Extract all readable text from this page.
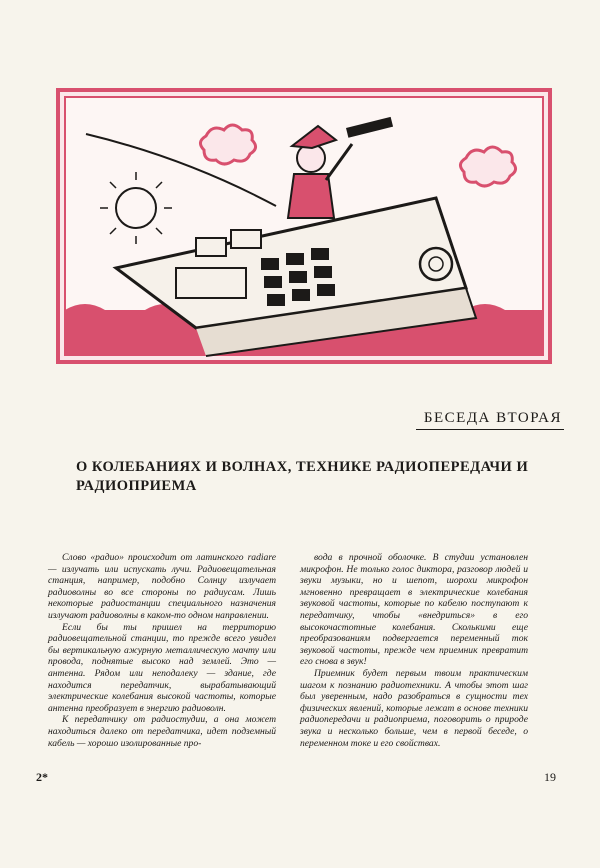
БЕСЕДА ВТОРАЯ
О КОЛЕБАНИЯХ И ВОЛНАХ, ТЕХНИКЕ РАДИОПЕРЕДАЧИ И РАДИОПРИЕМА

Слово «радио» происходит от латинского radiare — излучать или испускать лучи. Радиовещательная станция, например, подобно Солнцу излучает радиоволны во все стороны по радиусам. Лишь некоторые радиостанции специального назначения излучают радиоволны в каком-то одном направлении.

Если бы ты пришел на территорию радиовещательной станции, то прежде всего увидел бы вертикальную ажурную металлическую мачту или провода, поднятые высоко над землей. Это — антенна. Рядом или неподалеку — здание, где находится передатчик, вырабатывающий электрические колебания высокой частоты, которые антенна преобразует в энергию радиоволн.

К передатчику от радиостудии, а она может находиться далеко от передатчика, идет подземный кабель — хорошо изолированные про-

вода в прочной оболочке. В студии установлен микрофон. Не только голос диктора, разговор людей и звуки музыки, но и шепот, шорохи микрофон мгновенно превращает в электрические колебания звуковой частоты, которые по кабелю поступают к передатчику, чтобы «внедриться» в его высокочастотные колебания. Сколькими еще преобразованиям подвергается переменный ток звуковой частоты, прежде чем приемник превратит его снова в звук!

Приемник будет первым твоим практическим шагом к познанию радиотехники. А чтобы этот шаг был уверенным, надо разобраться в сущности тех физических явлений, которые лежат в основе техники радиопередачи и радиоприема, поговорить о природе звука и несколько больше, чем в первой беседе, о переменном токе и его свойствах.

2*	19
